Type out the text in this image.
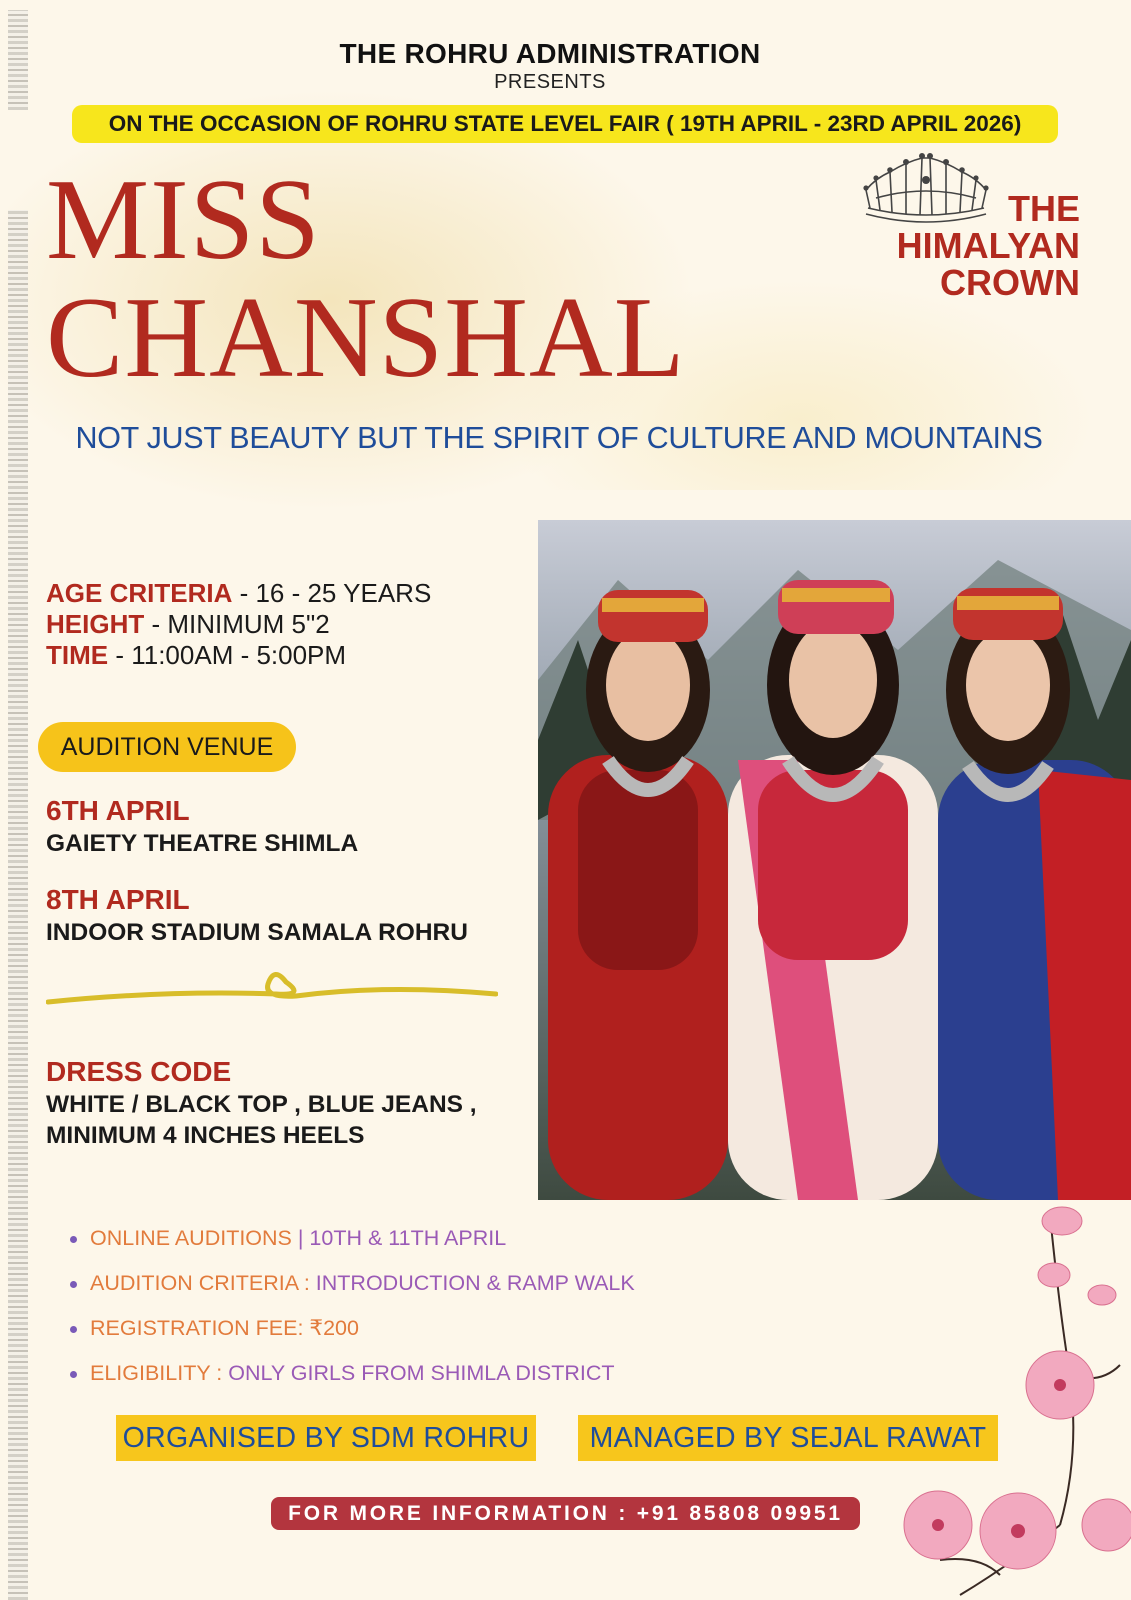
THE ROHRU ADMINISTRATION
PRESENTS
ON THE OCCASION OF ROHRU STATE LEVEL FAIR ( 19TH APRIL - 23RD APRIL 2026)
MISS
CHANSHAL
THE
HIMALYAN
CROWN
NOT JUST BEAUTY BUT THE SPIRIT OF CULTURE AND MOUNTAINS
AGE CRITERIA - 16 - 25 YEARS
HEIGHT - MINIMUM 5"2
TIME - 11:00AM - 5:00PM
AUDITION VENUE
6TH APRIL
GAIETY THEATRE SHIMLA
8TH APRIL
INDOOR STADIUM SAMALA ROHRU
DRESS CODE
WHITE / BLACK TOP , BLUE JEANS ,
MINIMUM 4 INCHES HEELS
ONLINE AUDITIONS | 10TH & 11TH APRIL
AUDITION CRITERIA : INTRODUCTION & RAMP WALK
REGISTRATION FEE: ₹200
ELIGIBILITY : ONLY GIRLS FROM SHIMLA DISTRICT
ORGANISED BY SDM ROHRU	MANAGED BY SEJAL RAWAT
FOR MORE INFORMATION : +91 85808 09951
